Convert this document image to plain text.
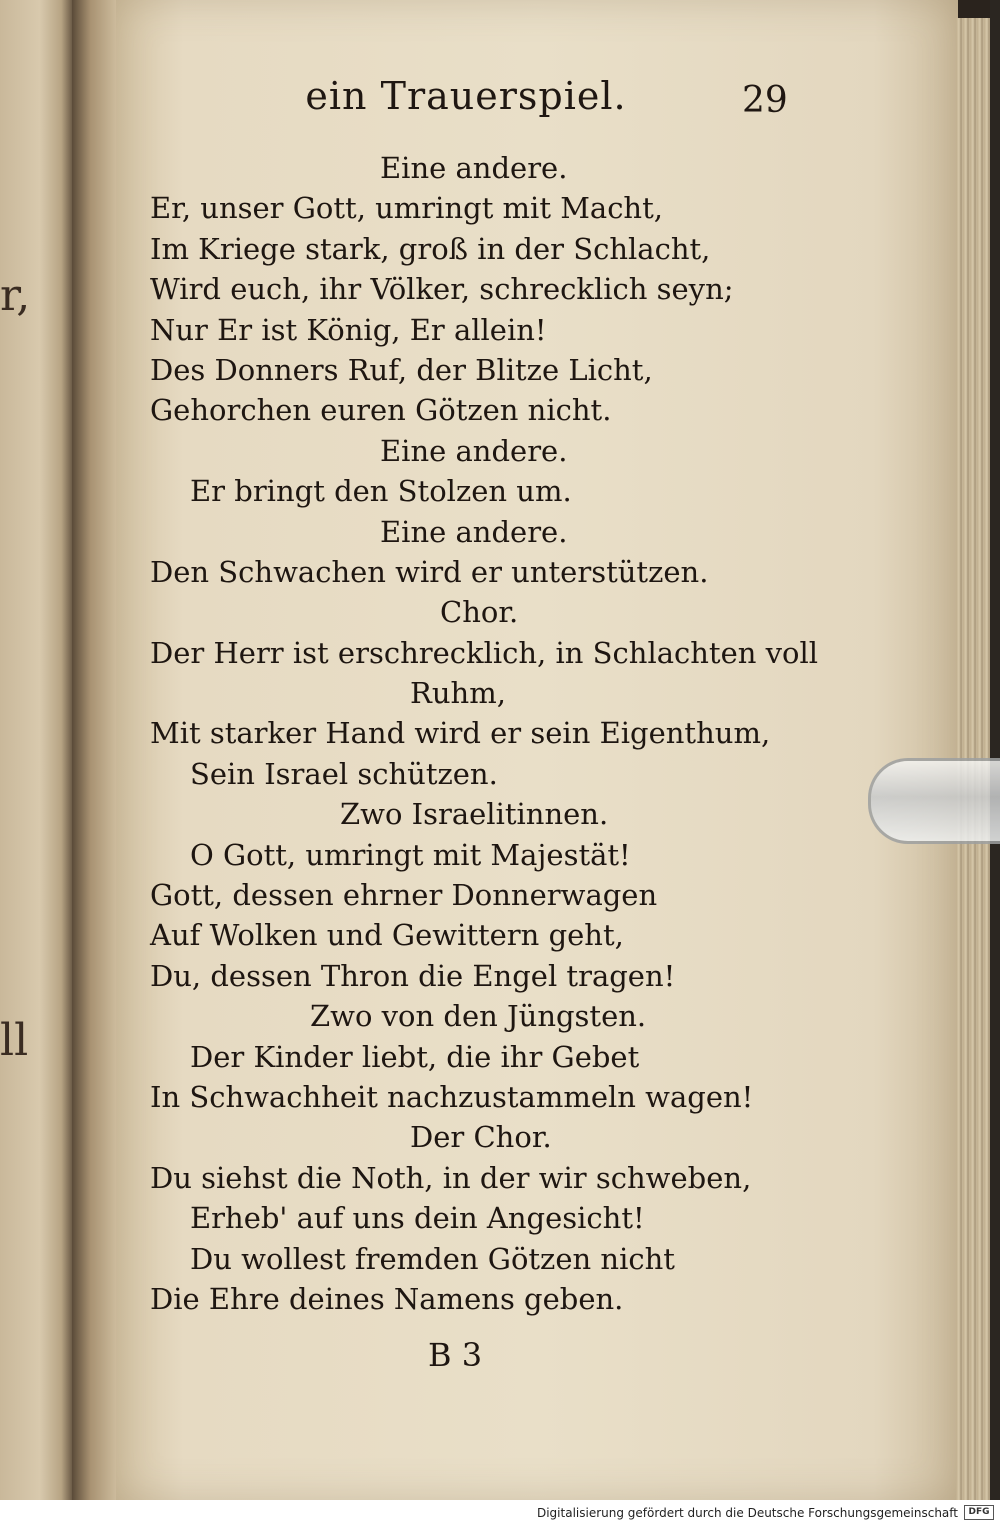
r,
ll
ein Trauerspiel.	29
Eine andere.
Er, unser Gott, umringt mit Macht,
Im Kriege stark, groß in der Schlacht,
Wird euch, ihr Völker, schrecklich seyn;
Nur Er ist König, Er allein!
Des Donners Ruf, der Blitze Licht,
Gehorchen euren Götzen nicht.
Eine andere.
Er bringt den Stolzen um.
Eine andere.
Den Schwachen wird er unterstützen.
Chor.
Der Herr ist erschrecklich, in Schlachten voll
Ruhm,
Mit starker Hand wird er sein Eigenthum,
Sein Israel schützen.
Zwo Israelitinnen.
O Gott, umringt mit Majestät!
Gott, dessen ehrner Donnerwagen
Auf Wolken und Gewittern geht,
Du, dessen Thron die Engel tragen!
Zwo von den Jüngsten.
Der Kinder liebt, die ihr Gebet
In Schwachheit nachzustammeln wagen!
Der Chor.
Du siehst die Noth, in der wir schweben,
Erheb' auf uns dein Angesicht!
Du wollest fremden Götzen nicht
Die Ehre deines Namens geben.
B 3
Digitalisierung gefördert durch die Deutsche Forschungsgemeinschaft	DFG
